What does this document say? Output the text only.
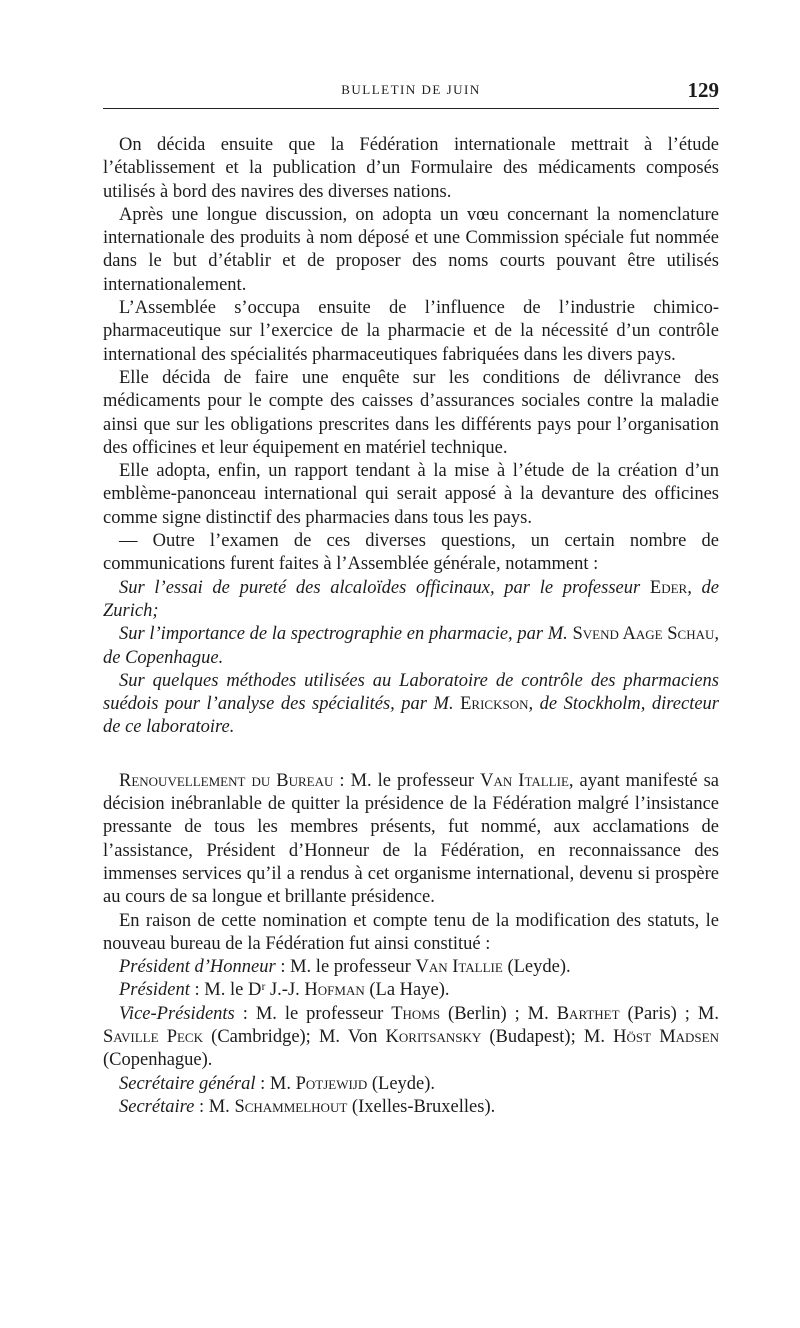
BULLETIN DE JUIN	129

On décida ensuite que la Fédération internationale mettrait à l’étude l’établissement et la publication d’un Formulaire des médicaments composés utilisés à bord des navires des diverses nations.

Après une longue discussion, on adopta un vœu concernant la nomenclature internationale des produits à nom déposé et une Commission spéciale fut nommée dans le but d’établir et de proposer des noms courts pouvant être utilisés internationalement.

L’Assemblée s’occupa ensuite de l’influence de l’industrie chimico-pharmaceutique sur l’exercice de la pharmacie et de la nécessité d’un contrôle international des spécialités pharmaceutiques fabriquées dans les divers pays.

Elle décida de faire une enquête sur les conditions de délivrance des médicaments pour le compte des caisses d’assurances sociales contre la maladie ainsi que sur les obligations prescrites dans les différents pays pour l’organisation des officines et leur équipement en matériel technique.

Elle adopta, enfin, un rapport tendant à la mise à l’étude de la création d’un emblème-panonceau international qui serait apposé à la devanture des officines comme signe distinctif des pharmacies dans tous les pays.

— Outre l’examen de ces diverses questions, un certain nombre de communications furent faites à l’Assemblée générale, notamment :

Sur l’essai de pureté des alcaloïdes officinaux, par le professeur Eder, de Zurich;

Sur l’importance de la spectrographie en pharmacie, par M. Svend Aage Schau, de Copenhague.

Sur quelques méthodes utilisées au Laboratoire de contrôle des pharmaciens suédois pour l’analyse des spécialités, par M. Erickson, de Stockholm, directeur de ce laboratoire.

Renouvellement du Bureau : M. le professeur Van Itallie, ayant manifesté sa décision inébranlable de quitter la présidence de la Fédération malgré l’insistance pressante de tous les membres présents, fut nommé, aux acclamations de l’assistance, Président d’Honneur de la Fédération, en reconnaissance des immenses services qu’il a rendus à cet organisme international, devenu si prospère au cours de sa longue et brillante présidence.

En raison de cette nomination et compte tenu de la modification des statuts, le nouveau bureau de la Fédération fut ainsi constitué :

Président d’Honneur : M. le professeur Van Itallie (Leyde).

Président : M. le Dʳ J.-J. Hofman (La Haye).

Vice-Présidents : M. le professeur Thoms (Berlin) ; M. Barthet (Paris) ; M. Saville Peck (Cambridge); M. Von Koritsansky (Budapest); M. Höst Madsen (Copenhague).

Secrétaire général : M. Potjewijd (Leyde).

Secrétaire : M. Schammelhout (Ixelles-Bruxelles).
